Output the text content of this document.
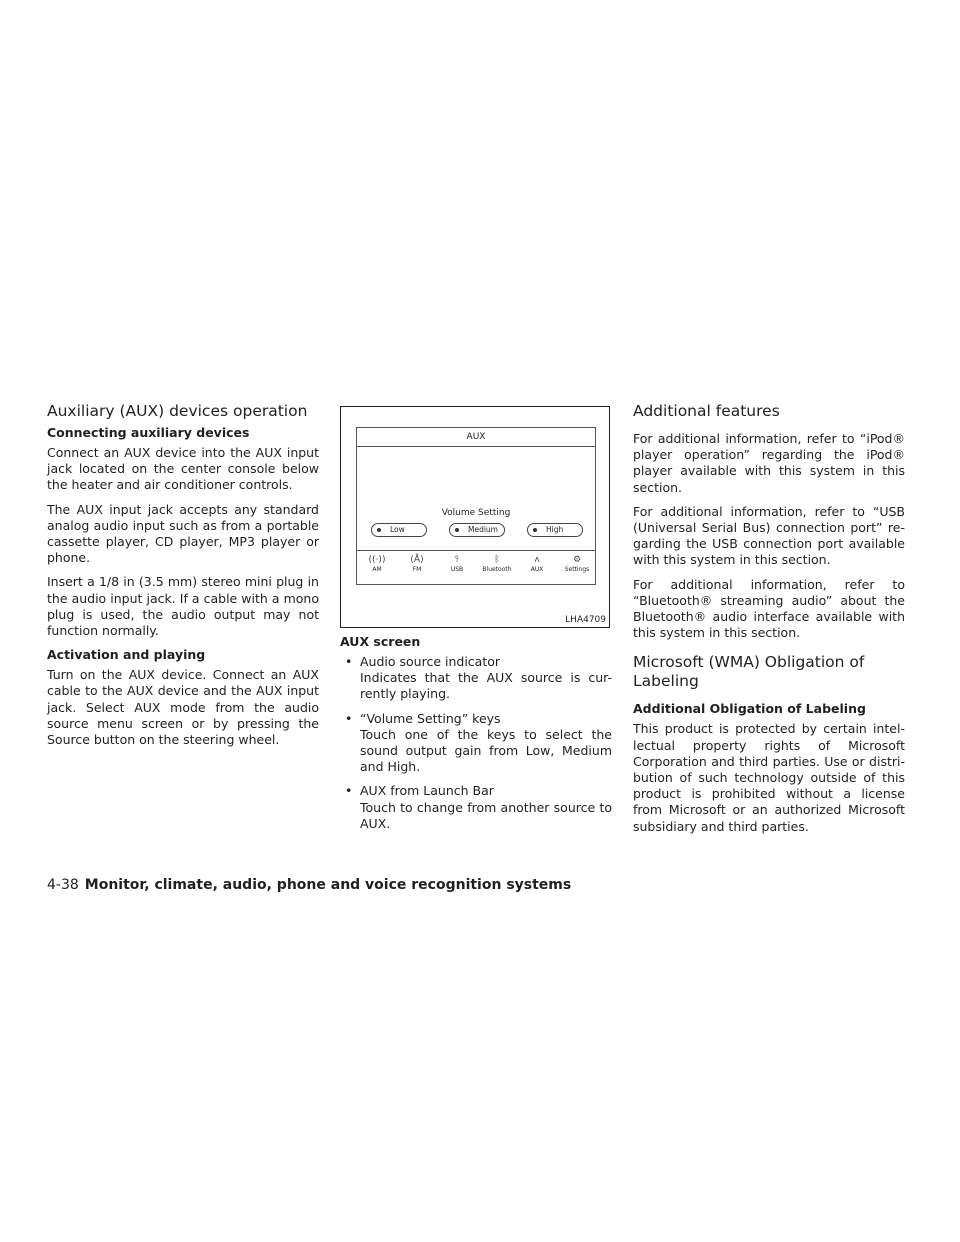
Auxiliary (AUX) devices operation
Connecting auxiliary devices

Connect an AUX device into the AUX input jack located on the center console below the heater and air conditioner controls.

The AUX input jack accepts any standard analog audio input such as from a portable cassette player, CD player, MP3 player or phone.

Insert a 1/8 in (3.5 mm) stereo mini plug in the audio input jack. If a cable with a mono plug is used, the audio output may not function normally.

Activation and playing

Turn on the AUX device. Connect an AUX cable to the AUX device and the AUX input jack. Select AUX mode from the audio source menu screen or by pressing the Source button on the steering wheel.

AUX
Volume Setting
Low	Medium	High
((·))
AM
(Å)
FM
⫯
USB
ᛒ
Bluetooth
ʌ
AUX
⚙
Settings
LHA4709
AUX screen
• Audio source indicator
Indicates that the AUX source is cur- rently playing.
• “Volume Setting” keys
Touch one of the keys to select the sound output gain from Low, Medium and High.
• AUX from Launch Bar
Touch to change from another source to AUX.
Additional features

For additional information, refer to “iPod® player operation” regarding the iPod® player available with this system in this section.

For additional information, refer to “USB (Universal Serial Bus) connection port” re- garding the USB connection port available with this system in this section.

For additional information, refer to “Bluetooth® streaming audio” about the Bluetooth® audio interface available with this system in this section.

Microsoft (WMA) Obligation of Labeling
Additional Obligation of Labeling

This product is protected by certain intel- lectual property rights of Microsoft Corporation and third parties. Use or distri- bution of such technology outside of this product is prohibited without a license from Microsoft or an authorized Microsoft subsidiary and third parties.

4-38 Monitor, climate, audio, phone and voice recognition systems
